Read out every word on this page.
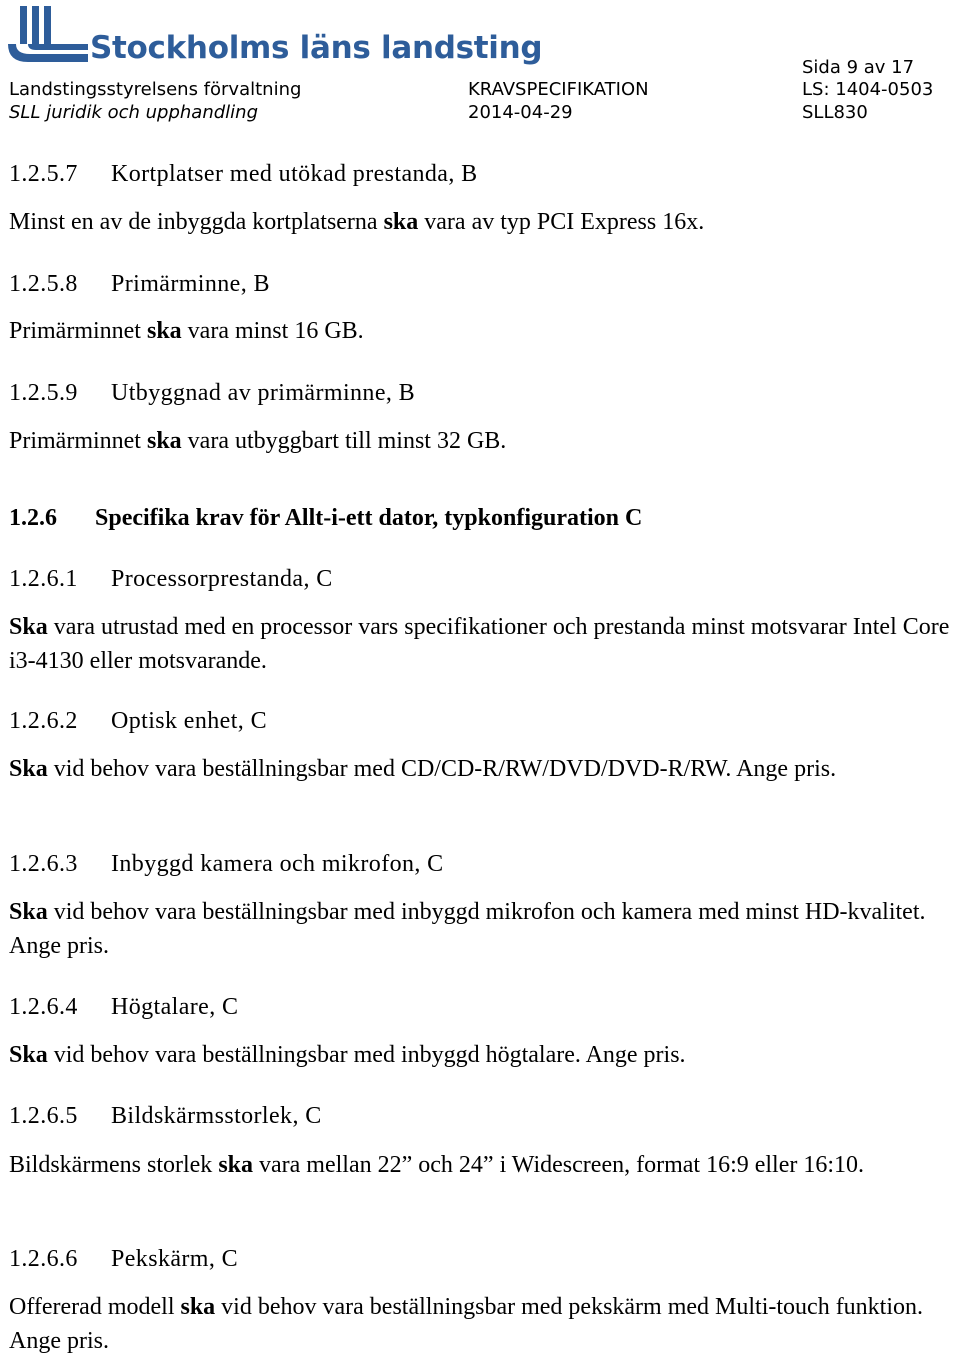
Stockholms läns landsting
Sida 9 av 17
Landstingsstyrelsens förvaltning
SLL juridik och upphandling
KRAVSPECIFIKATION
2014-04-29
LS: 1404-0503
SLL830
1.2.5.7 Kortplatser med utökad prestanda, B
Minst en av de inbyggda kortplatserna ska vara av typ PCI Express 16x.
1.2.5.8 Primärminne, B
Primärminnet ska vara minst 16 GB.
1.2.5.9 Utbyggnad av primärminne, B
Primärminnet ska vara utbyggbart till minst 32 GB.
1.2.6 Specifika krav för Allt-i-ett dator, typkonfiguration C
1.2.6.1 Processorprestanda, C
Ska vara utrustad med en processor vars specifikationer och prestanda minst motsvarar Intel Core i3-4130 eller motsvarande.
1.2.6.2 Optisk enhet, C
Ska vid behov vara beställningsbar med CD/CD-R/RW/DVD/DVD-R/RW. Ange pris.
1.2.6.3 Inbyggd kamera och mikrofon, C
Ska vid behov vara beställningsbar med inbyggd mikrofon och kamera med minst HD-kvalitet. Ange pris.
1.2.6.4 Högtalare, C
Ska vid behov vara beställningsbar med inbyggd högtalare. Ange pris.
1.2.6.5 Bildskärmsstorlek, C
Bildskärmens storlek ska vara mellan 22” och 24” i Widescreen, format 16:9 eller 16:10.
1.2.6.6 Pekskärm, C
Offererad modell ska vid behov vara beställningsbar med pekskärm med Multi-touch funktion. Ange pris.
